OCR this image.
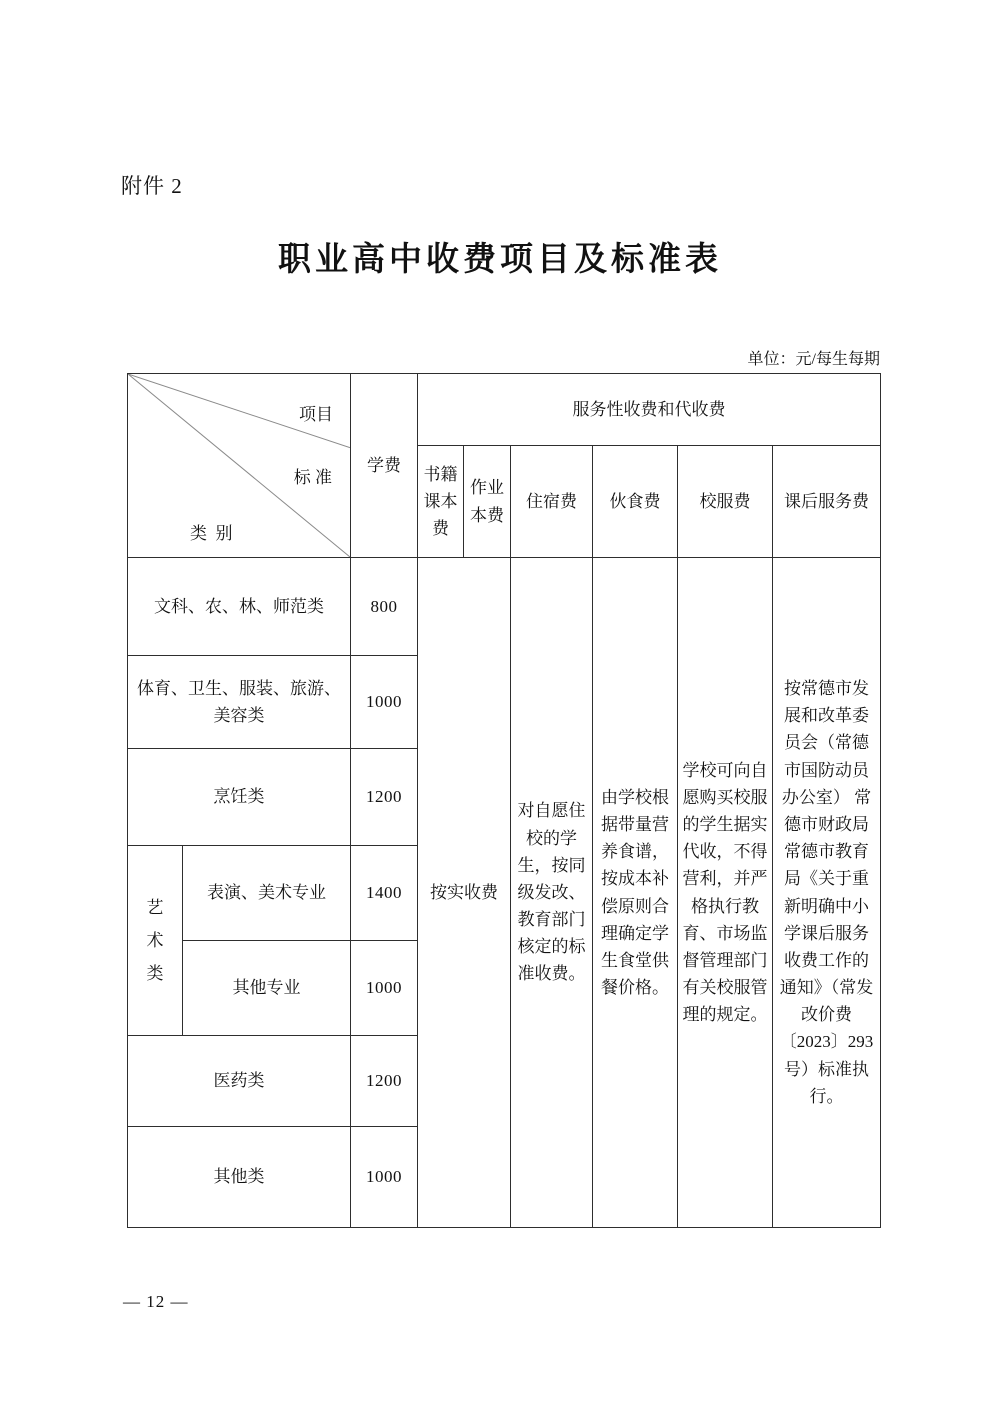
附件 2
职业高中收费项目及标准表
单位：元/每生每期
项目
标 准
类  别		学费	服务性收费和代收费					
			书籍课本费	作业本费	住宿费	伙食费	校服费	课后服务费
文科、农、林、师范类		800	按实收费		对自愿住校的学生，按同级发改、教育部门核定的标准收费。	由学校根据带量营养食谱，按成本补偿原则合理确定学生食堂供餐价格。	学校可向自愿购买校服的学生据实代收，不得营利，并严格执行教育、市场监督管理部门有关校服管理的规定。	按常德市发展和改革委员会（常德市国防动员办公室） 常德市财政局常德市教育局《关于重新明确中小学课后服务收费工作的通知》（常发改价费〔2023〕293号）标准执行。
体育、卫生、服装、旅游、美容类		1000						
烹饪类		1200						

艺术类	表演、美术专业	1400						
	其他专业	1000						
医药类		1200						
其他类		1000						
— 12 —
